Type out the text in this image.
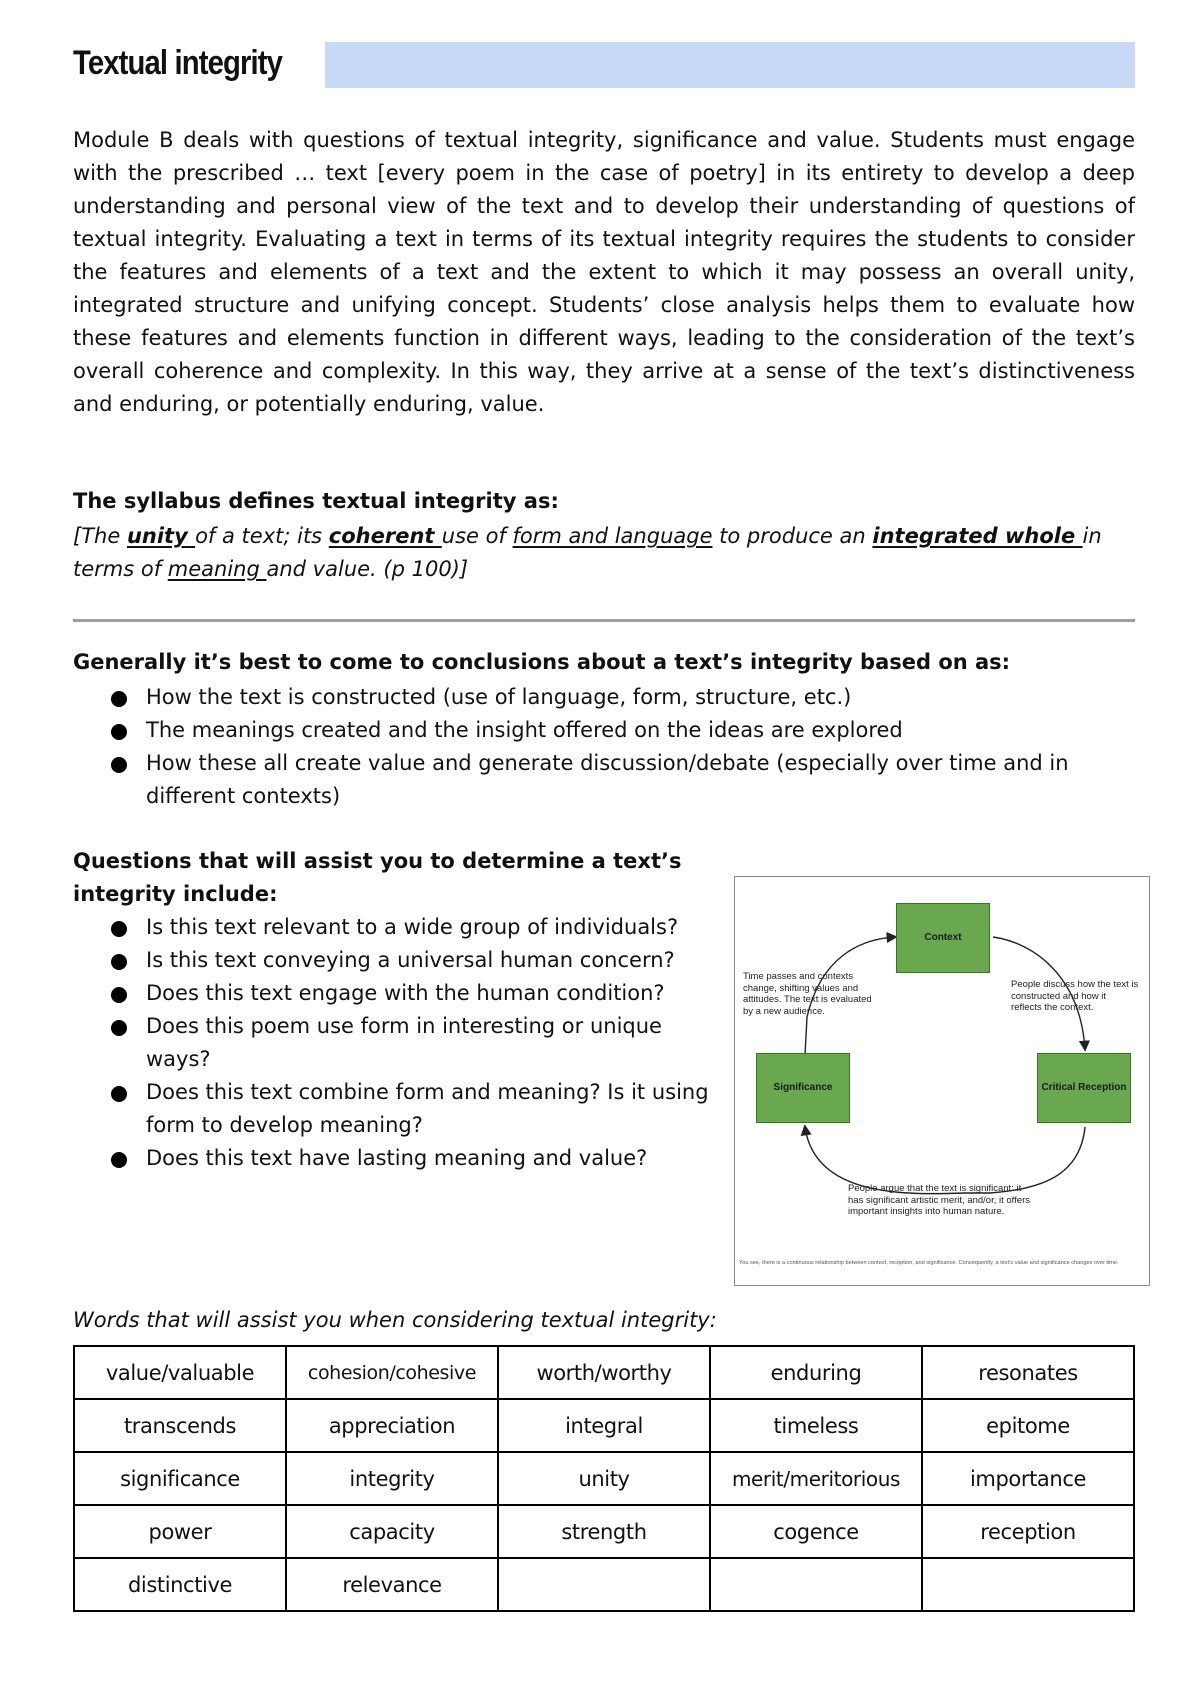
Textual integrity

Module B deals with questions of textual integrity, significance and value. Students must engage with the prescribed … text [every poem in the case of poetry] in its entirety to develop a deep understanding and personal view of the text and to develop their understanding of questions of textual integrity. Evaluating a text in terms of its textual integrity requires the students to consider the features and elements of a text and the extent to which it may possess an overall unity, integrated structure and unifying concept. Students’ close analysis helps them to evaluate how these features and elements function in different ways, leading to the consideration of the text’s overall coherence and complexity. In this way, they arrive at a sense of the text’s distinctiveness and enduring, or potentially enduring, value.

The syllabus defines textual integrity as:

[The unity of a text; its coherent use of form and language to produce an integrated whole in terms of meaning and value. (p 100)]

Generally it’s best to come to conclusions about a text’s integrity based on as:

How the text is constructed (use of language, form, structure, etc.)
The meanings created and the insight offered on the ideas are explored
How these all create value and generate discussion/debate (especially over time and in different contexts)

Questions that will assist you to determine a text’s integrity include:

Is this text relevant to a wide group of individuals?
Is this text conveying a universal human concern?
Does this text engage with the human condition?
Does this poem use form in interesting or unique ways?
Does this text combine form and meaning? Is it using form to develop meaning?
Does this text have lasting meaning and value?
Context
Critical Reception
Significance
Time passes and contexts change, shifting values and attitudes. The text is evaluated by a new audience.
People discuss how the text is constructed and how it reflects the context.
People argue that the text is significant: it has significant artistic merit, and/or, it offers important insights into human nature.
You see, there is a continuous relationship between context, reception, and significance. Consequently, a text's value and significance changes over time.

Words that will assist you when considering textual integrity:

value/valuable	cohesion/cohesive	worth/worthy	enduring	resonates
transcends	appreciation	integral	timeless	epitome
significance	integrity	unity	merit/meritorious	importance
power	capacity	strength	cogence	reception
distinctive	relevance			
